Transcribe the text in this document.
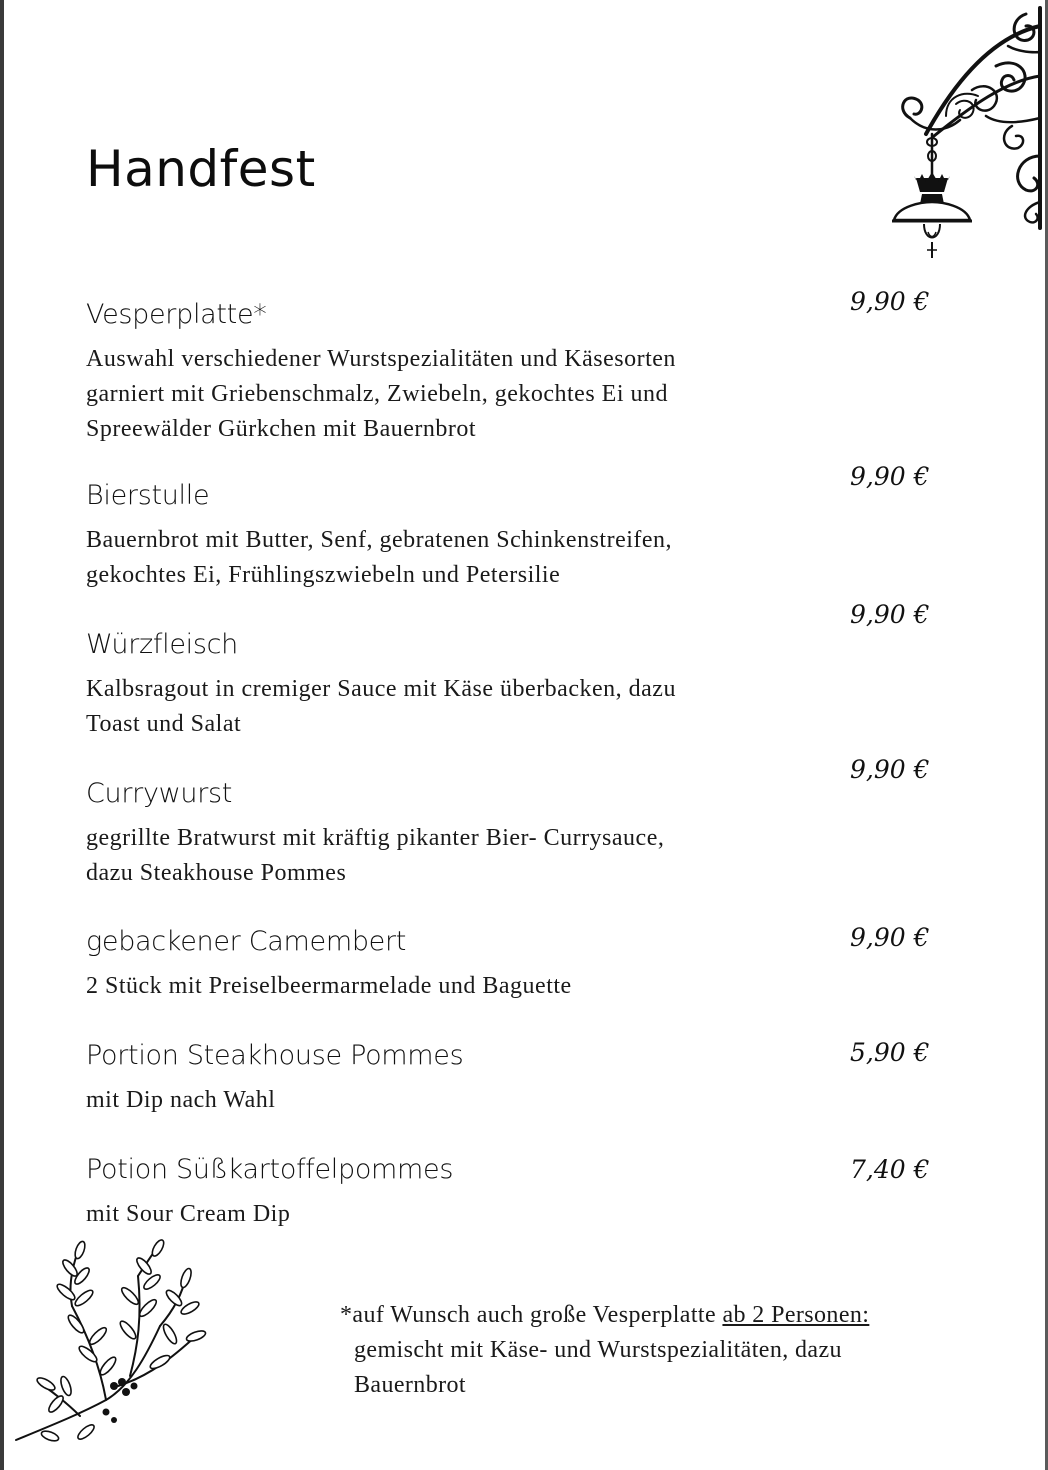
Handfest
Vesperplatte*
Auswahl verschiedener Wurstspezialitäten und Käsesorten
garniert mit Griebenschmalz, Zwiebeln, gekochtes Ei und
Spreewälder Gürkchen mit Bauernbrot
9,90 €
Bierstulle
Bauernbrot mit Butter, Senf, gebratenen Schinkenstreifen,
gekochtes Ei, Frühlingszwiebeln und Petersilie
9,90 €
Würzfleisch
Kalbsragout in cremiger Sauce mit Käse überbacken, dazu
Toast und Salat
9,90 €
Currywurst
gegrillte Bratwurst mit kräftig pikanter Bier- Currysauce,
dazu Steakhouse Pommes
9,90 €
gebackener Camembert
2 Stück mit Preiselbeermarmelade und Baguette
9,90 €
Portion Steakhouse Pommes
mit Dip nach Wahl
5,90 €
Potion Süßkartoffelpommes
mit Sour Cream Dip
7,40 €
*auf Wunsch auch große Vesperplatte ab 2 Personen:
gemischt mit Käse- und Wurstspezialitäten, dazu
Bauernbrot
